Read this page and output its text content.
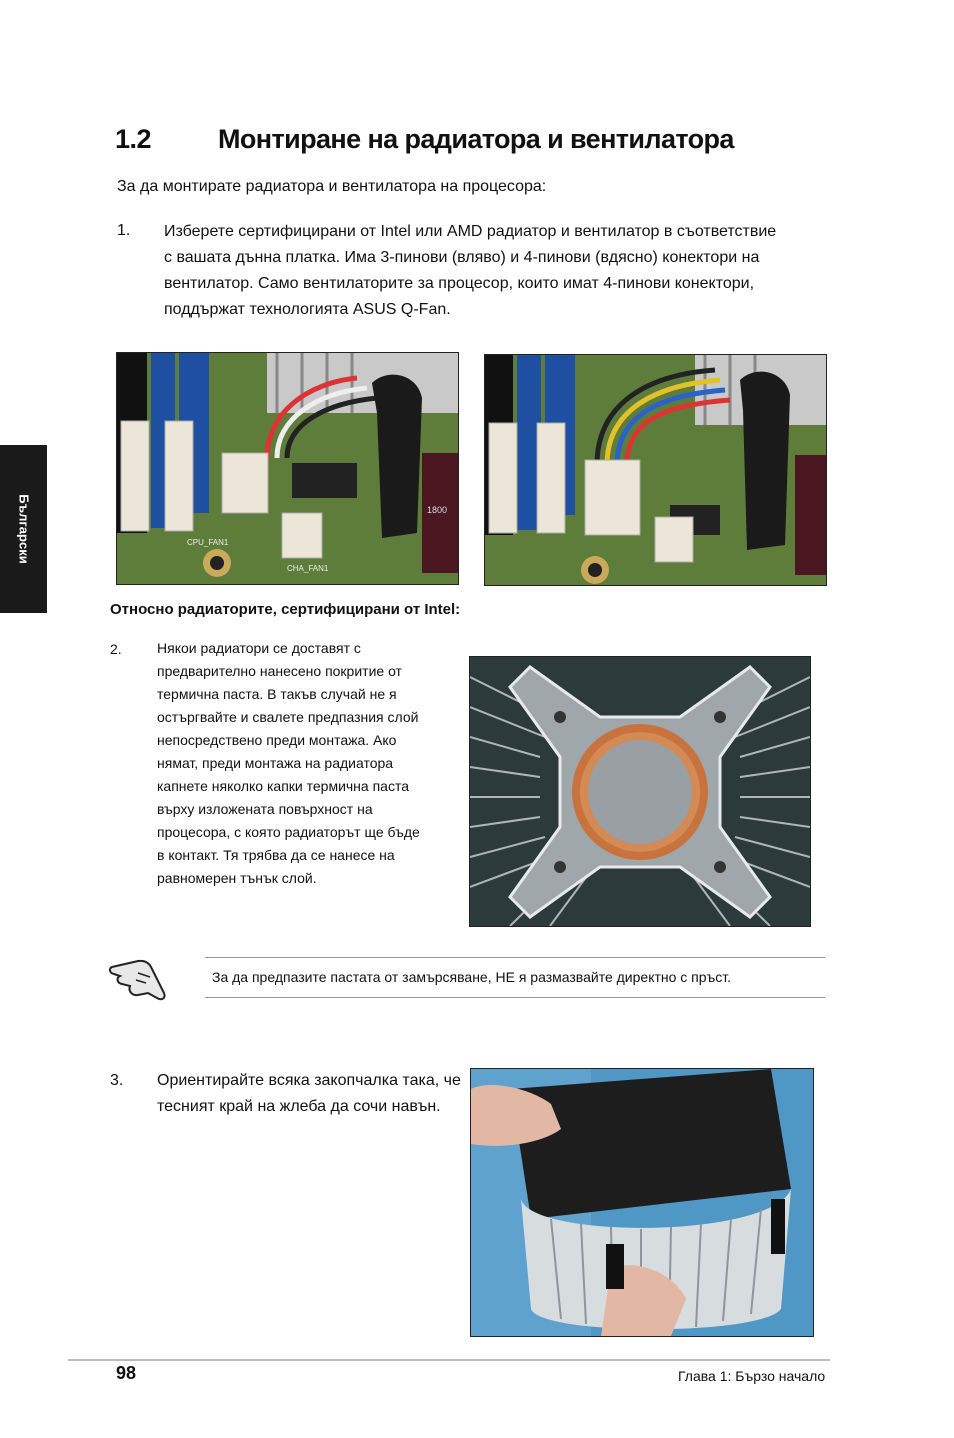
Български
1.2 Монтиране на радиатора и вентилатора
За да монтирате радиатора и вентилатора на процесора:
1. Изберете сертифицирани от Intel или AMD радиатор и вентилатор в съответствие
с вашата дънна платка. Има 3-пинови (вляво) и 4-пинови (вдясно) конектори на
вентилатор. Само вентилаторите за процесор, които имат 4-пинови конектори,
поддържат технологията ASUS Q-Fan.
CPU_FAN1
CHA_FAN1
1800
Относно радиаторите, сертифицирани от Intel:
2.	Някои радиатори се доставят с
предварително нанесено покритие от
термична паста. В такъв случай не я
остъргвайте и свалете предпазния слой
непосредствено преди монтажа. Ако
нямат, преди монтажа на радиатора
капнете няколко капки термична паста
върху изложената повърхност на
процесора, с която радиаторът ще бъде
в контакт. Тя трябва да се нанесе на
равномерен тънък слой.
За да предпазите пастата от замърсяване, НЕ я размазвайте директно с пръст.
3. Ориентирайте всяка закопчалка така, че
тесният край на жлеба да сочи навън.
98	Глава 1: Бързо начало
